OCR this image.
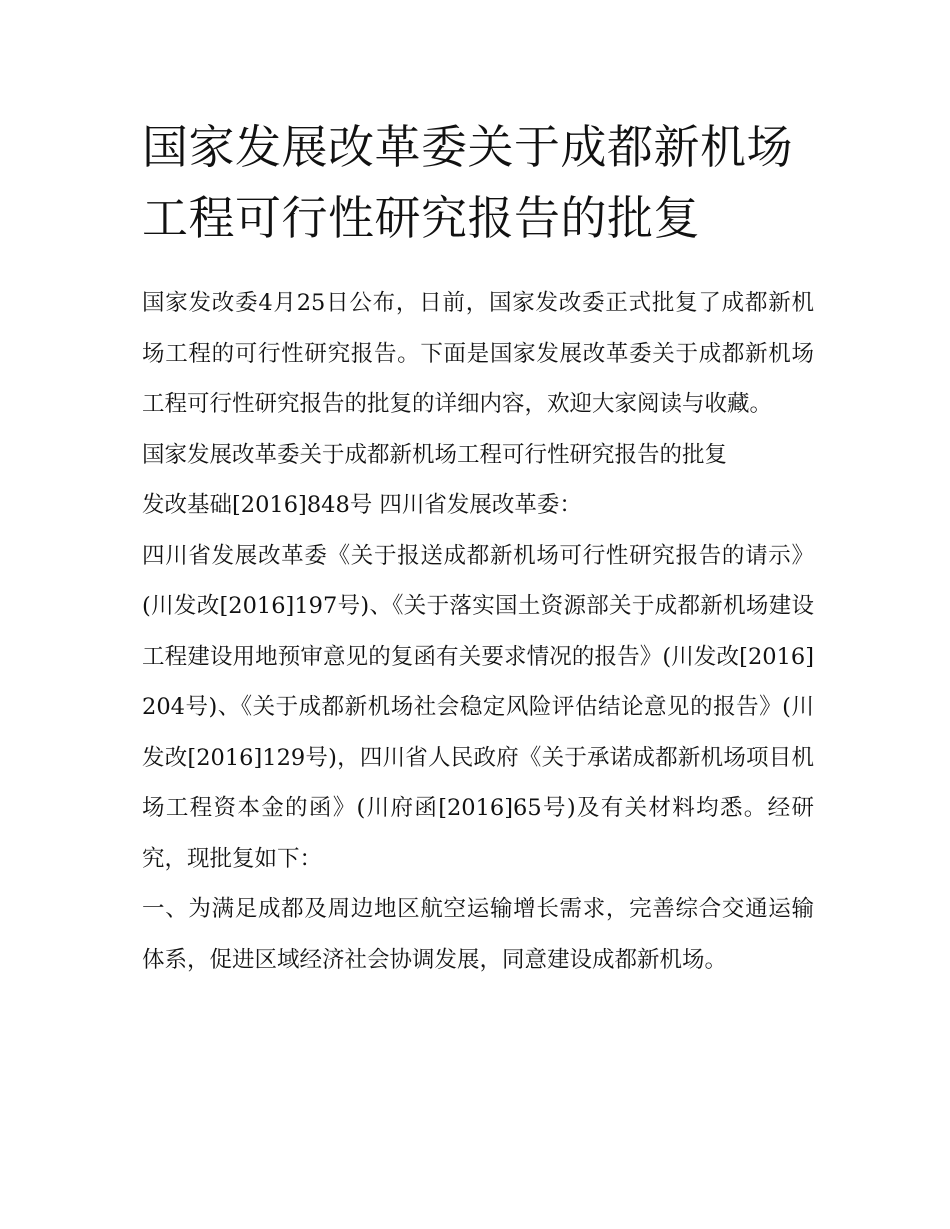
国家发展改革委关于成都新机场工程可行性研究报告的批复

国家发改委4月25日公布，日前，国家发改委正式批复了成都新机场工程的可行性研究报告。下面是国家发展改革委关于成都新机场工程可行性研究报告的批复的详细内容，欢迎大家阅读与收藏。

国家发展改革委关于成都新机场工程可行性研究报告的批复

发改基础[2016]848号 四川省发展改革委：

四川省发展改革委《关于报送成都新机场可行性研究报告的请示》(川发改[2016]197号)、《关于落实国土资源部关于成都新机场建设工程建设用地预审意见的复函有关要求情况的报告》(川发改[2016]204号)、《关于成都新机场社会稳定风险评估结论意见的报告》(川发改[2016]129号)，四川省人民政府《关于承诺成都新机场项目机场工程资本金的函》(川府函[2016]65号)及有关材料均悉。经研究，现批复如下：

一、为满足成都及周边地区航空运输增长需求，完善综合交通运输体系，促进区域经济社会协调发展，同意建设成都新机场。
